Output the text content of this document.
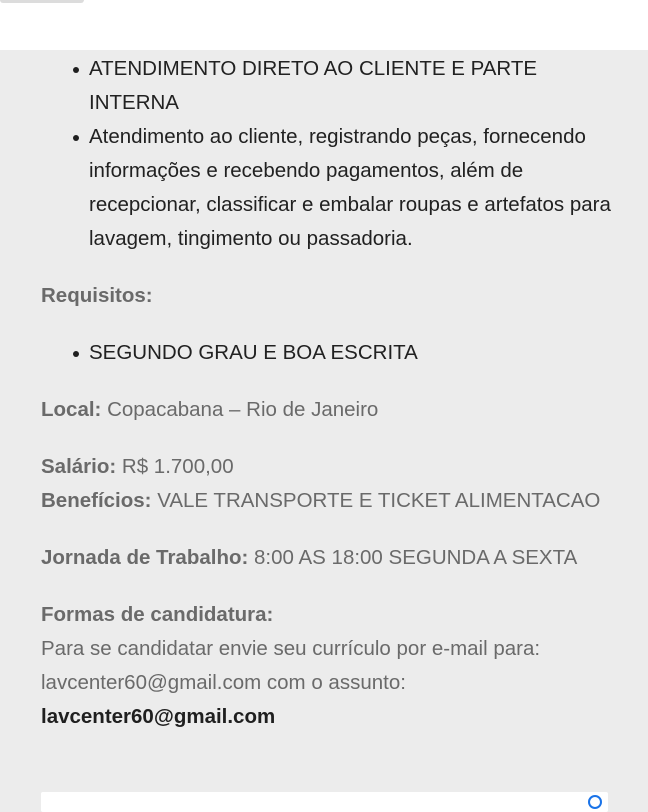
ATENDIMENTO DIRETO AO CLIENTE E PARTE INTERNA
Atendimento ao cliente, registrando peças, fornecendo informações e recebendo pagamentos, além de recepcionar, classificar e embalar roupas e artefatos para lavagem, tingimento ou passadoria.

Requisitos:

SEGUNDO GRAU E BOA ESCRITA

Local: Copacabana – Rio de Janeiro

Salário: R$ 1.700,00

Benefícios: VALE TRANSPORTE E TICKET ALIMENTACAO

Jornada de Trabalho: 8:00 AS 18:00 SEGUNDA A SEXTA

Formas de candidatura:

Para se candidatar envie seu currículo por e-mail para: lavcenter60@gmail.com com o assunto:

lavcenter60@gmail.com
